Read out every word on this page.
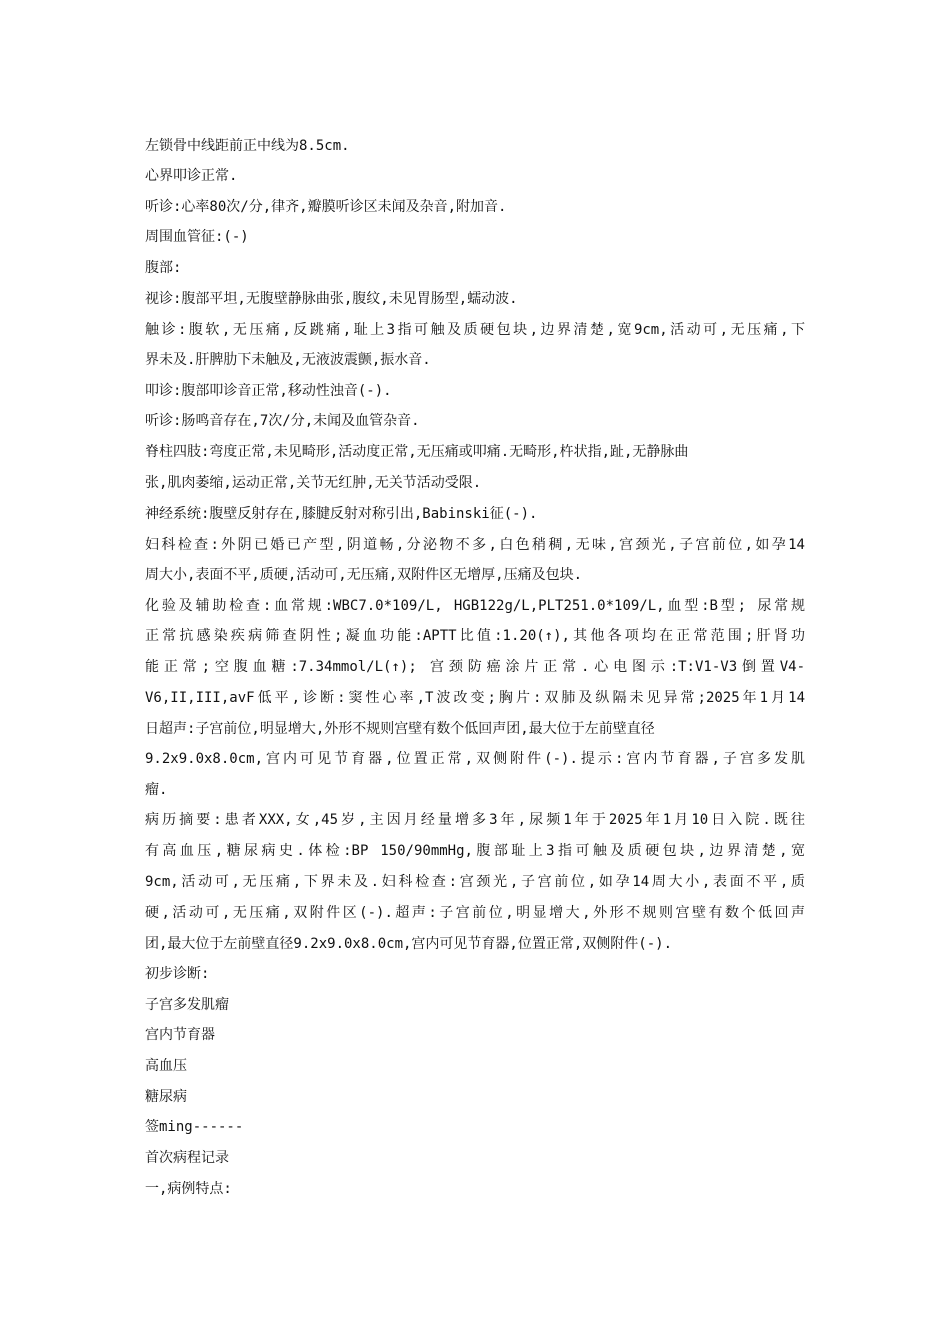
左锁骨中线距前正中线为8.5cm.
心界叩诊正常.
听诊:心率80次/分,律齐,瓣膜听诊区未闻及杂音,附加音.
周围血管征:(-)
腹部:
视诊:腹部平坦,无腹壁静脉曲张,腹纹,未见胃肠型,蠕动波.
触诊:腹软,无压痛,反跳痛,耻上3指可触及质硬包块,边界清楚,宽9cm,活动可,无压痛,下
界未及.肝脾肋下未触及,无液波震颤,振水音.
叩诊:腹部叩诊音正常,移动性浊音(-).
听诊:肠鸣音存在,7次/分,未闻及血管杂音.
脊柱四肢:弯度正常,未见畸形,活动度正常,无压痛或叩痛.无畸形,杵状指,趾,无静脉曲
张,肌肉萎缩,运动正常,关节无红肿,无关节活动受限.
神经系统:腹壁反射存在,膝腱反射对称引出,Babinski征(-).
妇科检查:外阴已婚已产型,阴道畅,分泌物不多,白色稍稠,无味,宫颈光,子宫前位,如孕14
周大小,表面不平,质硬,活动可,无压痛,双附件区无增厚,压痛及包块.
化验及辅助检查:血常规:WBC7.0*109/L, HGB122g/L,PLT251.0*109/L,血型:B型; 尿常规
正常抗感染疾病筛查阴性;凝血功能:APTT比值:1.20(↑),其他各项均在正常范围;肝肾功
能正常;空腹血糖:7.34mmol/L(↑); 宫颈防癌涂片正常.心电图示:T:V1-V3倒置V4-
V6,II,III,avF低平,诊断:窦性心率,T波改变;胸片:双肺及纵隔未见异常;2025年1月14
日超声:子宫前位,明显增大,外形不规则宫壁有数个低回声团,最大位于左前壁直径
9.2x9.0x8.0cm,宫内可见节育器,位置正常,双侧附件(-).提示:宫内节育器,子宫多发肌
瘤.
病历摘要:患者XXX,女,45岁,主因月经量增多3年,尿频1年于2025年1月10日入院.既往
有高血压,糖尿病史.体检:BP 150/90mmHg,腹部耻上3指可触及质硬包块,边界清楚,宽
9cm,活动可,无压痛,下界未及.妇科检查:宫颈光,子宫前位,如孕14周大小,表面不平,质
硬,活动可,无压痛,双附件区(-).超声:子宫前位,明显增大,外形不规则宫壁有数个低回声
团,最大位于左前壁直径9.2x9.0x8.0cm,宫内可见节育器,位置正常,双侧附件(-).
初步诊断:
子宫多发肌瘤
宫内节育器
高血压
糖尿病
签ming------
首次病程记录
一,病例特点:
